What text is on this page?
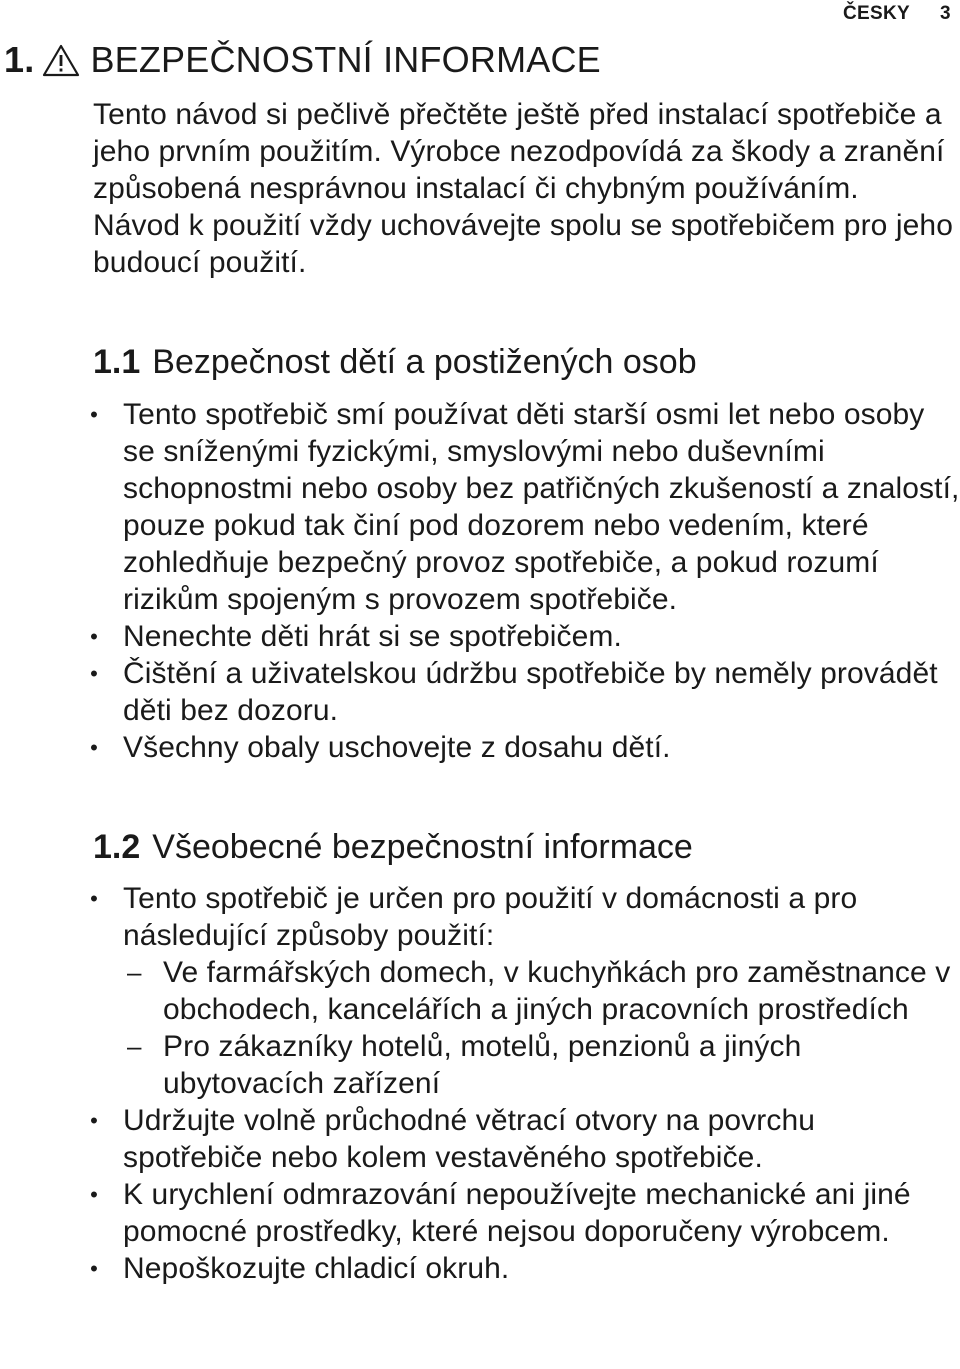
ČESKY 3
1. BEZPEČNOSTNÍ INFORMACE

Tento návod si pečlivě přečtěte ještě před instalací spotřebiče a jeho prvním použitím. Výrobce nezodpovídá za škody a zranění způsobená nesprávnou instalací či chybným používáním. Návod k použití vždy uchovávejte spolu se spotřebičem pro jeho budoucí použití.

1.1 Bezpečnost dětí a postižených osob
• Tento spotřebič smí používat děti starší osmi let nebo osoby se sníženými fyzickými, smyslovými nebo duševními schopnostmi nebo osoby bez patřičných zkušeností a znalostí, pouze pokud tak činí pod dozorem nebo vedením, které zohledňuje bezpečný provoz spotřebiče, a pokud rozumí rizikům spojeným s provozem spotřebiče.
• Nenechte děti hrát si se spotřebičem.
• Čištění a uživatelskou údržbu spotřebiče by neměly provádět děti bez dozoru.
• Všechny obaly uschovejte z dosahu dětí.
1.2 Všeobecné bezpečnostní informace
• Tento spotřebič je určen pro použití v domácnosti a pro následující způsoby použití:
– Ve farmářských domech, v kuchyňkách pro zaměstnance v obchodech, kancelářích a jiných pracovních prostředích
– Pro zákazníky hotelů, motelů, penzionů a jiných ubytovacích zařízení
• Udržujte volně průchodné větrací otvory na povrchu spotřebiče nebo kolem vestavěného spotřebiče.
• K urychlení odmrazování nepoužívejte mechanické ani jiné pomocné prostředky, které nejsou doporučeny výrobcem.
• Nepoškozujte chladicí okruh.
